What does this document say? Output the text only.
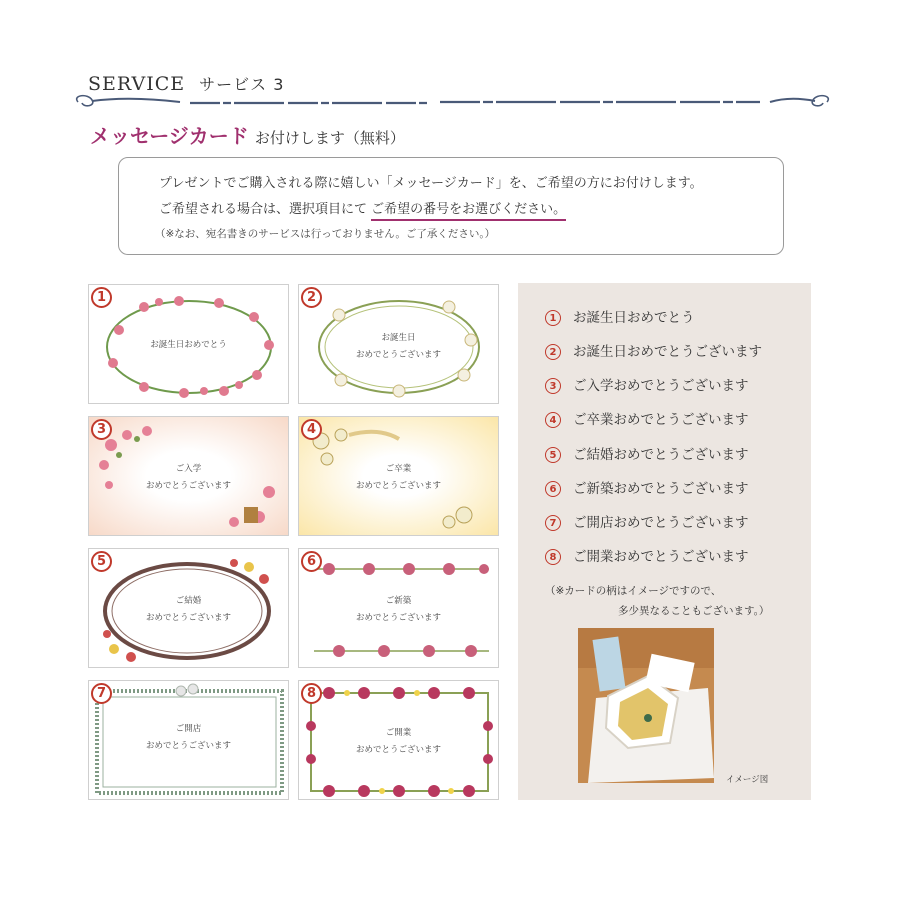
SERVICE サービス 3
メッセージカード お付けします（無料）
プレゼントでご購入される際に嬉しい「メッセージカード」を、ご希望の方にお付けします。
ご希望される場合は、選択項目にて ご希望の番号をお選びください。
（※なお、宛名書きのサービスは行っておりません。ご了承ください。）
1
お誕生日おめでとう
2
お誕生日
おめでとうございます
3
ご入学
おめでとうございます
4
ご卒業
おめでとうございます
5
ご結婚
おめでとうございます
6
ご新築
おめでとうございます
7
ご開店
おめでとうございます
8
ご開業
おめでとうございます
1 お誕生日おめでとう
2 お誕生日おめでとうございます
3 ご入学おめでとうございます
4 ご卒業おめでとうございます
5 ご結婚おめでとうございます
6 ご新築おめでとうございます
7 ご開店おめでとうございます
8 ご開業おめでとうございます
（※カードの柄はイメージですので、
多少異なることもございます。）
イメージ図
